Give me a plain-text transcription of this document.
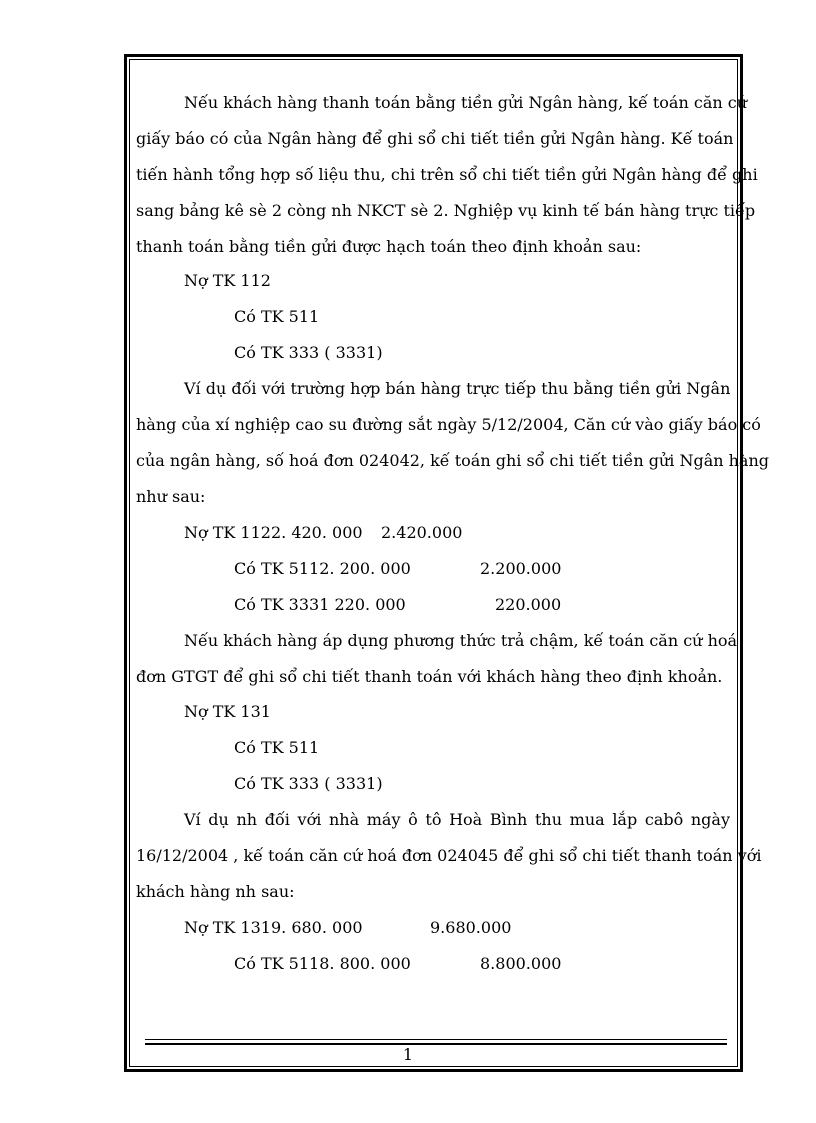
Nếu khách hàng thanh toán bằng tiền gửi Ngân hàng, kế toán căn cứ
giấy báo có của Ngân hàng để ghi sổ chi tiết tiền gửi Ngân hàng. Kế toán
tiến hành tổng hợp số liệu thu, chi trên sổ chi tiết tiền gửi Ngân hàng để ghi
sang bảng kê sè 2 còng nh NKCT sè 2. Nghiệp vụ kinh tế bán hàng trực tiếp
thanh toán bằng tiền gửi được hạch toán theo định khoản sau:
Nợ TK 112
Có TK 511
Có TK 333 ( 3331)
Ví dụ đối với trường hợp bán hàng trực tiếp thu bằng tiền gửi Ngân
hàng của xí nghiệp cao su đường sắt ngày 5/12/2004, Căn cứ vào giấy báo có
của ngân hàng, số hoá đơn 024042, kế toán ghi sổ chi tiết tiền gửi Ngân hàng
như sau:
Nợ TK 1122. 420. 000 2.420.000
Có TK 5112. 200. 000	2.200.000
Có TK 3331 220. 000	220.000
Nếu khách hàng áp dụng phương thức trả chậm, kế toán căn cứ hoá
đơn GTGT để ghi sổ chi tiết thanh toán với khách hàng theo định khoản.
Nợ TK 131
Có TK 511
Có TK 333 ( 3331)
Ví dụ nh đối với nhà máy ô tô Hoà Bình thu mua lắp cabô ngày
16/12/2004 , kế toán căn cứ hoá đơn 024045 để ghi sổ chi tiết thanh toán với
khách hàng nh sau:
Nợ TK 1319. 680. 000	9.680.000
Có TK 5118. 800. 000	8.800.000
1
